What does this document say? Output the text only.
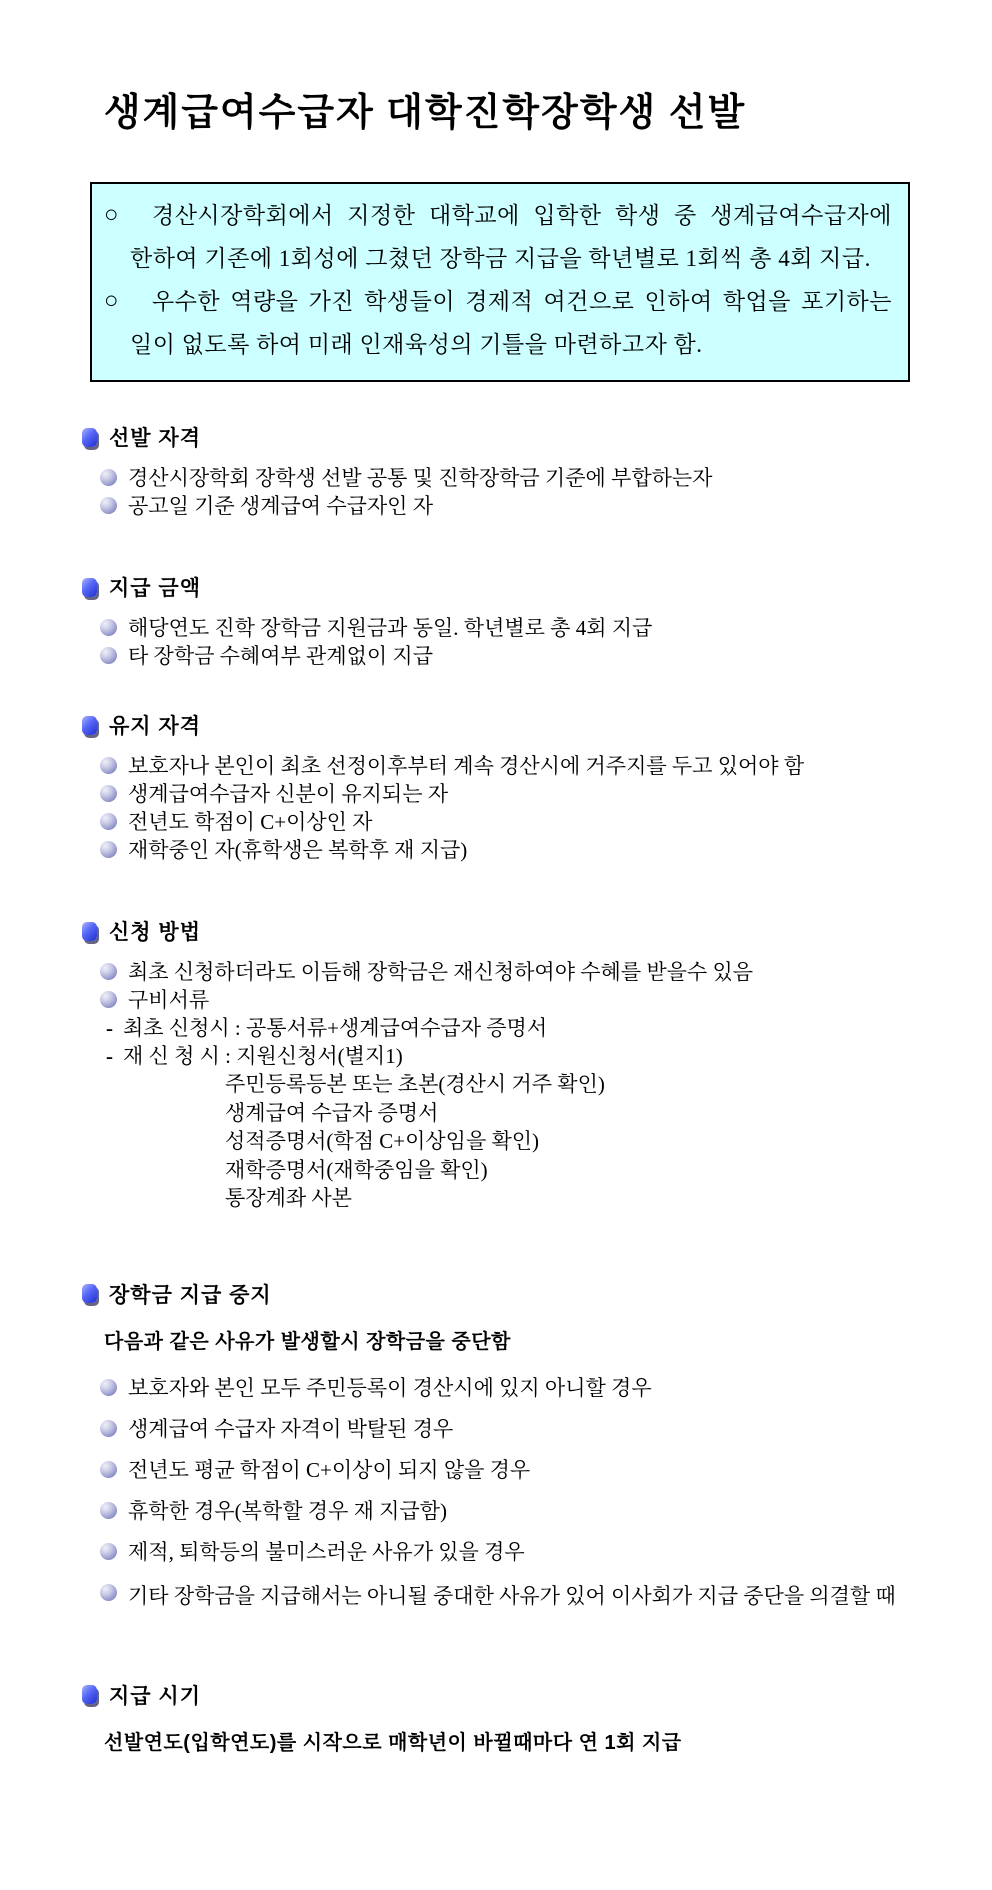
생계급여수급자 대학진학장학생 선발
○	경산시장학회에서 지정한 대학교에 입학한 학생 중 생계급여수급자에 한하여 기존에 1회성에 그쳤던 장학금 지급을 학년별로 1회씩 총 4회 지급.

○	우수한 역량을 가진 학생들이 경제적 여건으로 인하여 학업을 포기하는 일이 없도록 하여 미래 인재육성의 기틀을 마련하고자 함.

선발 자격
경산시장학회 장학생 선발 공통 및 진학장학금 기준에 부합하는자
공고일 기준 생계급여 수급자인 자
지급 금액
해당연도 진학 장학금 지원금과 동일. 학년별로 총 4회 지급
타 장학금 수혜여부 관계없이 지급
유지 자격
보호자나 본인이 최초 선정이후부터 계속 경산시에 거주지를 두고 있어야 함
생계급여수급자 신분이 유지되는 자
전년도 학점이 C+이상인 자
재학중인 자(휴학생은 복학후 재 지급)
신청 방법
최초 신청하더라도 이듬해 장학금은 재신청하여야 수혜를 받을수 있음
구비서류
- 최초 신청시 : 공통서류+생계급여수급자 증명서
- 재 신 청 시 : 지원신청서(별지1)
주민등록등본 또는 초본(경산시 거주 확인)
생계급여 수급자 증명서
성적증명서(학점 C+이상임을 확인)
재학증명서(재학중임을 확인)
통장계좌 사본
장학금 지급 중지

다음과 같은 사유가 발생할시 장학금을 중단함

보호자와 본인 모두 주민등록이 경산시에 있지 아니할 경우
생계급여 수급자 자격이 박탈된 경우
전년도 평균 학점이 C+이상이 되지 않을 경우
휴학한 경우(복학할 경우 재 지급함)
제적, 퇴학등의 불미스러운 사유가 있을 경우
기타 장학금을 지급해서는 아니될 중대한 사유가 있어 이사회가 지급 중단을 의결할 때
지급 시기

선발연도(입학연도)를 시작으로 매학년이 바뀔때마다 연 1회 지급
